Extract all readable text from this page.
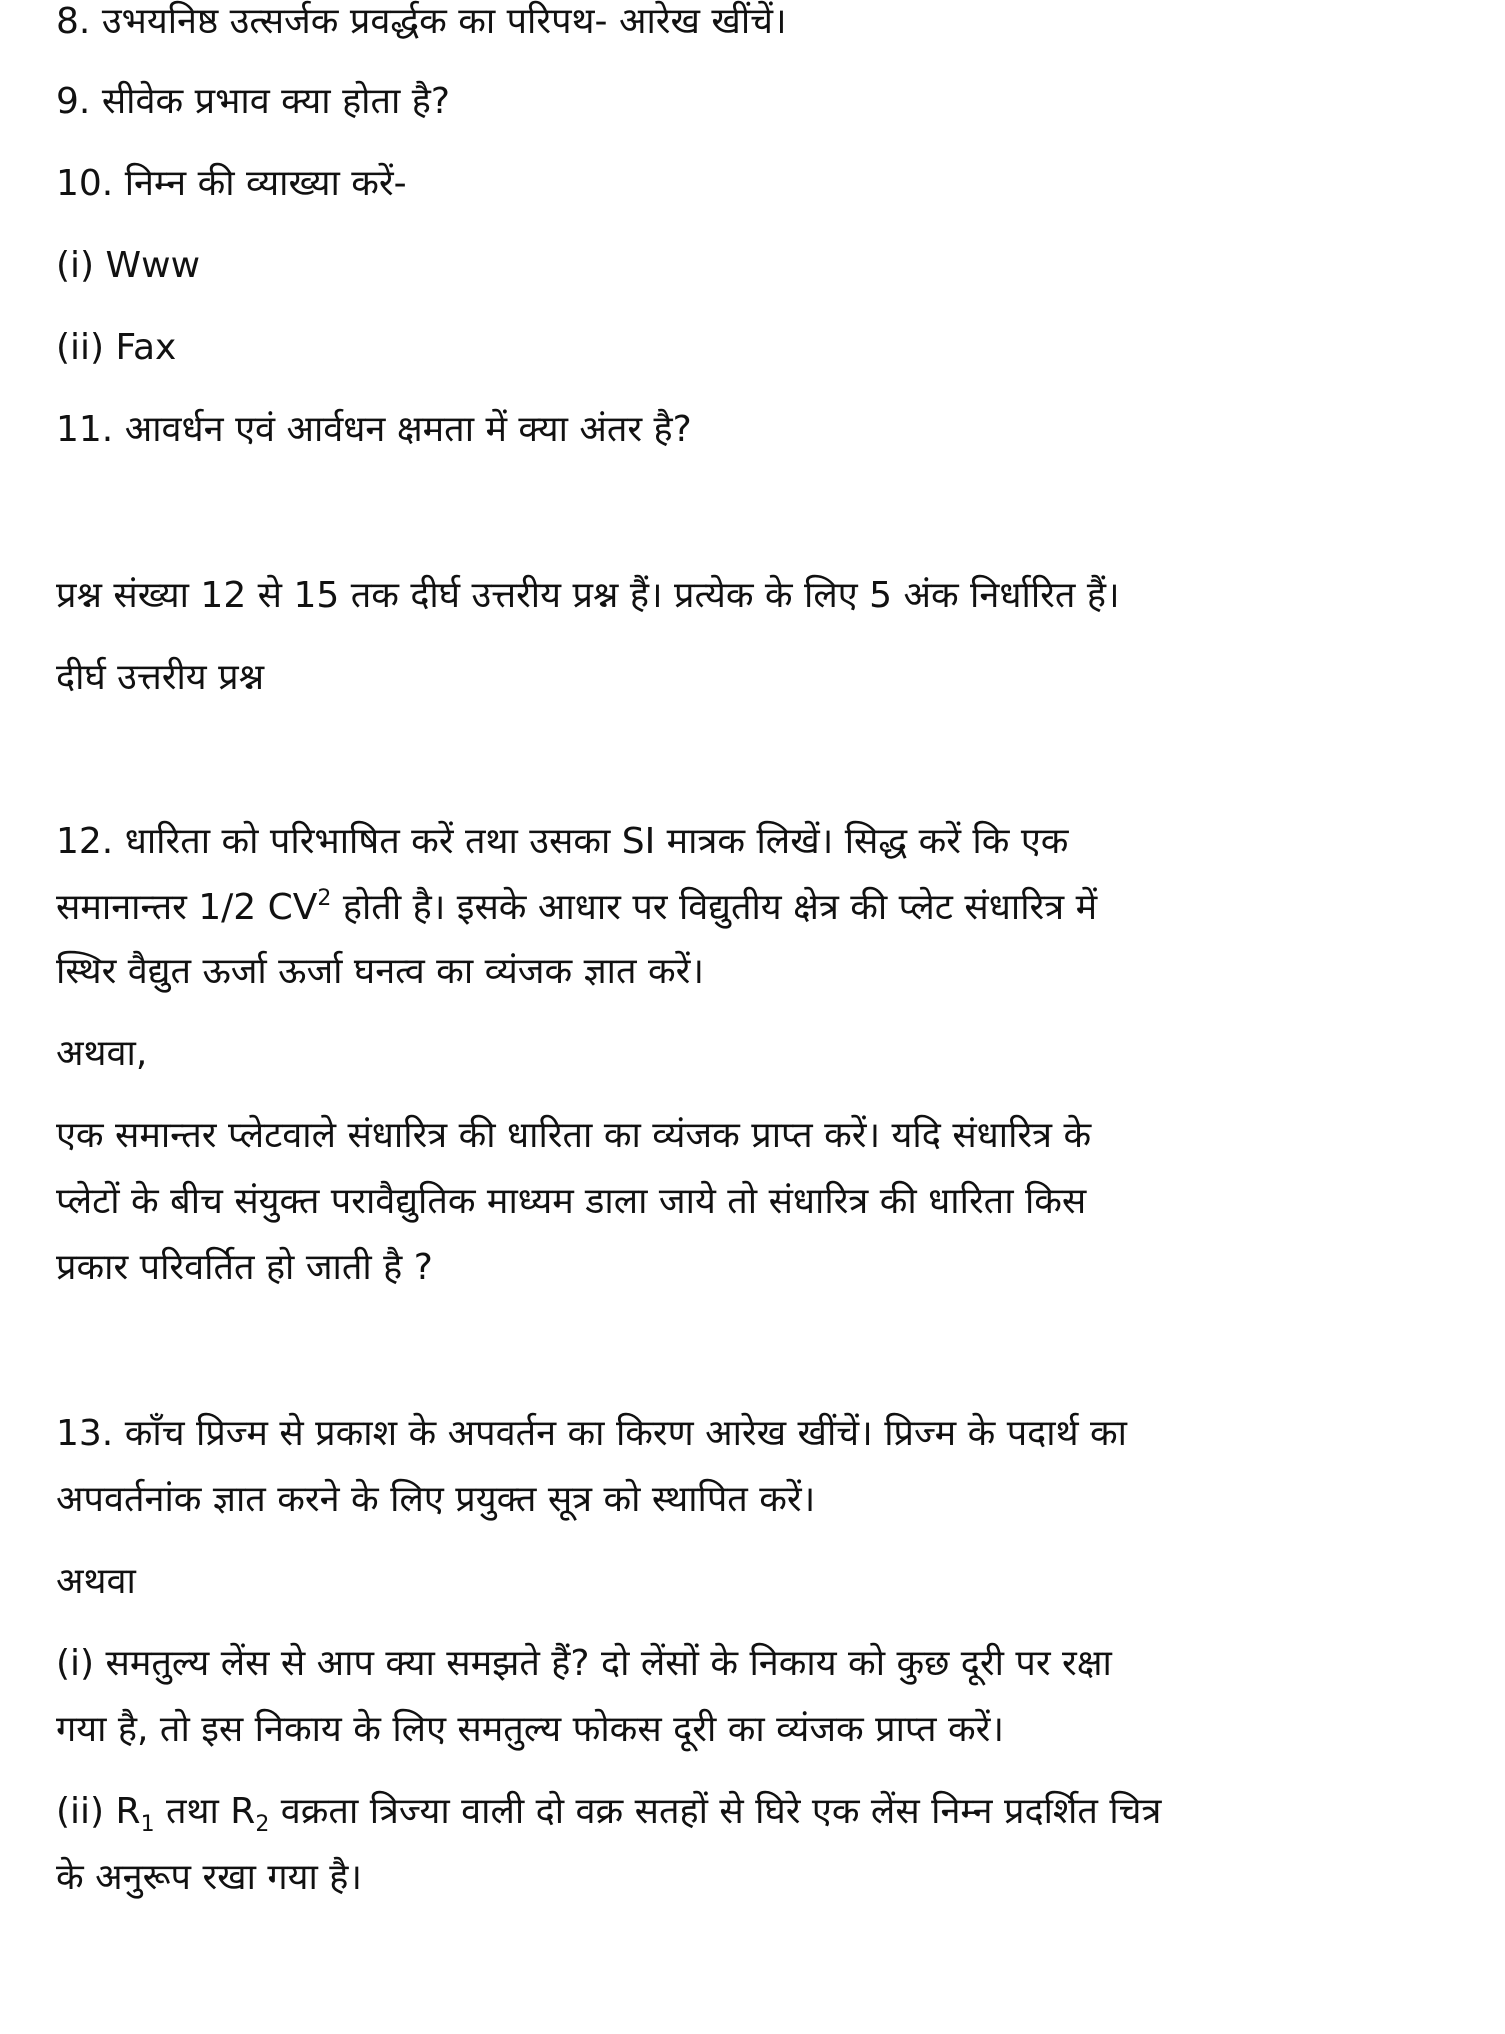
8. उभयनिष्ठ उत्सर्जक प्रवर्द्धक का परिपथ- आरेख खींचें।
9. सीवेक प्रभाव क्या होता है?
10. निम्न की व्याख्या करें-
(i) Www
(ii) Fax
11. आवर्धन एवं आर्वधन क्षमता में क्या अंतर है?
प्रश्न संख्या 12 से 15 तक दीर्घ उत्तरीय प्रश्न हैं। प्रत्येक के लिए 5 अंक निर्धारित हैं।
दीर्घ उत्तरीय प्रश्न
12. धारिता को परिभाषित करें तथा उसका SI मात्रक लिखें। सिद्ध करें कि एक
समानान्तर 1/2 $CV^2$ होती है। इसके आधार पर विद्युतीय क्षेत्र की प्लेट संधारित्र में
स्थिर वैद्युत ऊर्जा ऊर्जा घनत्व का व्यंजक ज्ञात करें।
अथवा,
एक समान्तर प्लेटवाले संधारित्र की धारिता का व्यंजक प्राप्त करें। यदि संधारित्र के
प्लेटों के बीच संयुक्त परावैद्युतिक माध्यम डाला जाये तो संधारित्र की धारिता किस
प्रकार परिवर्तित हो जाती है ?
13. काँच प्रिज्म से प्रकाश के अपवर्तन का किरण आरेख खींचें। प्रिज्म के पदार्थ का
अपवर्तनांक ज्ञात करने के लिए प्रयुक्त सूत्र को स्थापित करें।
अथवा
(i) समतुल्य लेंस से आप क्या समझते हैं? दो लेंसों के निकाय को कुछ दूरी पर रक्षा
गया है, तो इस निकाय के लिए समतुल्य फोकस दूरी का व्यंजक प्राप्त करें।
(ii) $R_1$ तथा $R_2$ वक्रता त्रिज्या वाली दो वक्र सतहों से घिरे एक लेंस निम्न प्रदर्शित चित्र
के अनुरूप रखा गया है।
